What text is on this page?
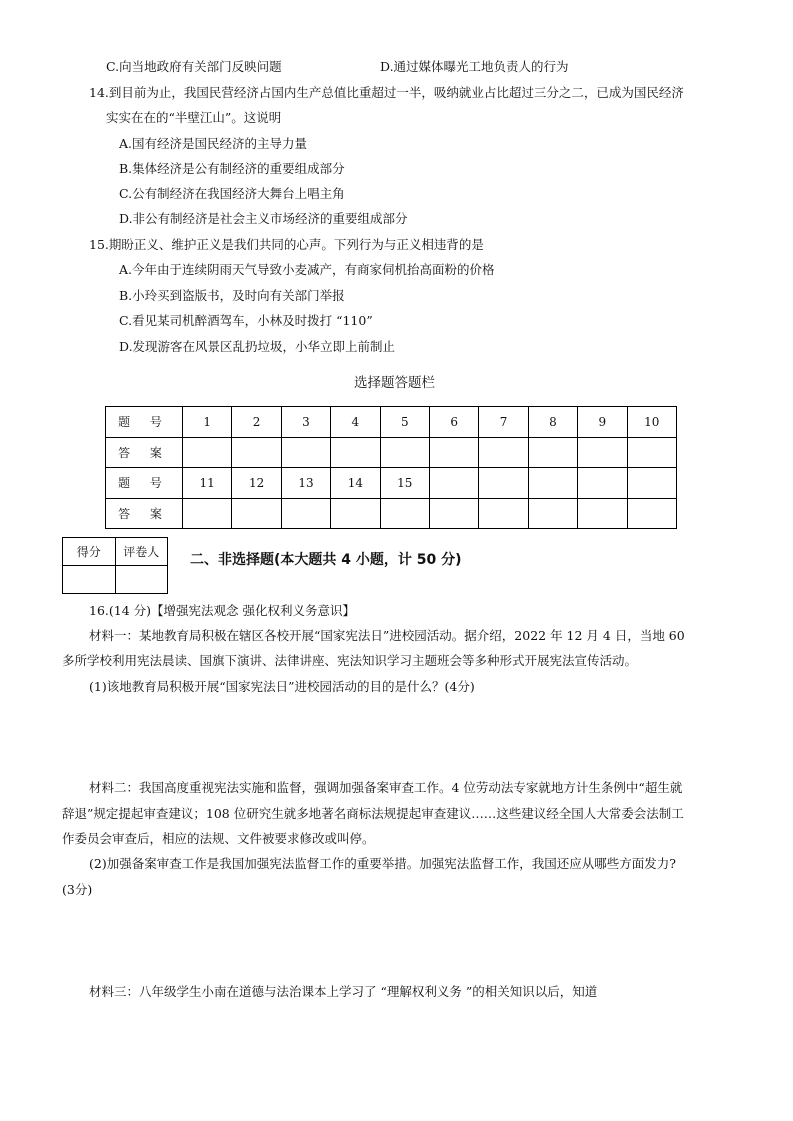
C.向当地政府有关部门反映问题	D.通过媒体曝光工地负责人的行为
14.到目前为止，我国民营经济占国内生产总值比重超过一半，吸纳就业占比超过三分之二，已成为国民经济
实实在在的“半壁江山”。这说明
A.国有经济是国民经济的主导力量
B.集体经济是公有制经济的重要组成部分
C.公有制经济在我国经济大舞台上唱主角
D.非公有制经济是社会主义市场经济的重要组成部分
15.期盼正义、维护正义是我们共同的心声。下列行为与正义相违背的是
A.今年由于连续阴雨天气导致小麦减产，有商家伺机抬高面粉的价格
B.小玲买到盗版书，及时向有关部门举报
C.看见某司机醉酒驾车，小林及时拨打 “110”
D.发现游客在风景区乱扔垃圾，小华立即上前制止
选择题答题栏
题 号	1	2	3	4	5	6	7	8	9	10
答 案										
题 号	11	12	13	14	15					
答 案										
得分	评卷人
	二、非选择题(本大题共 4 小题，计 50 分)
16.(14 分)【增强宪法观念 强化权利义务意识】
材料一：某地教育局积极在辖区各校开展“国家宪法日”进校园活动。据介绍，2022 年 12 月 4 日，当地 60
多所学校利用宪法晨读、国旗下演讲、法律讲座、宪法知识学习主题班会等多种形式开展宪法宣传活动。
(1)该地教育局积极开展“国家宪法日”进校园活动的目的是什么？(4分)
材料二：我国高度重视宪法实施和监督，强调加强备案审查工作。4 位劳动法专家就地方计生条例中“超生就
辞退”规定提起审查建议；108 位研究生就多地著名商标法规提起审查建议……这些建议经全国人大常委会法制工
作委员会审查后，相应的法规、文件被要求修改或叫停。
(2)加强备案审查工作是我国加强宪法监督工作的重要举措。加强宪法监督工作，我国还应从哪些方面发力?
(3分)
材料三：八年级学生小南在道德与法治课本上学习了 “理解权利义务 ”的相关知识以后，知道
